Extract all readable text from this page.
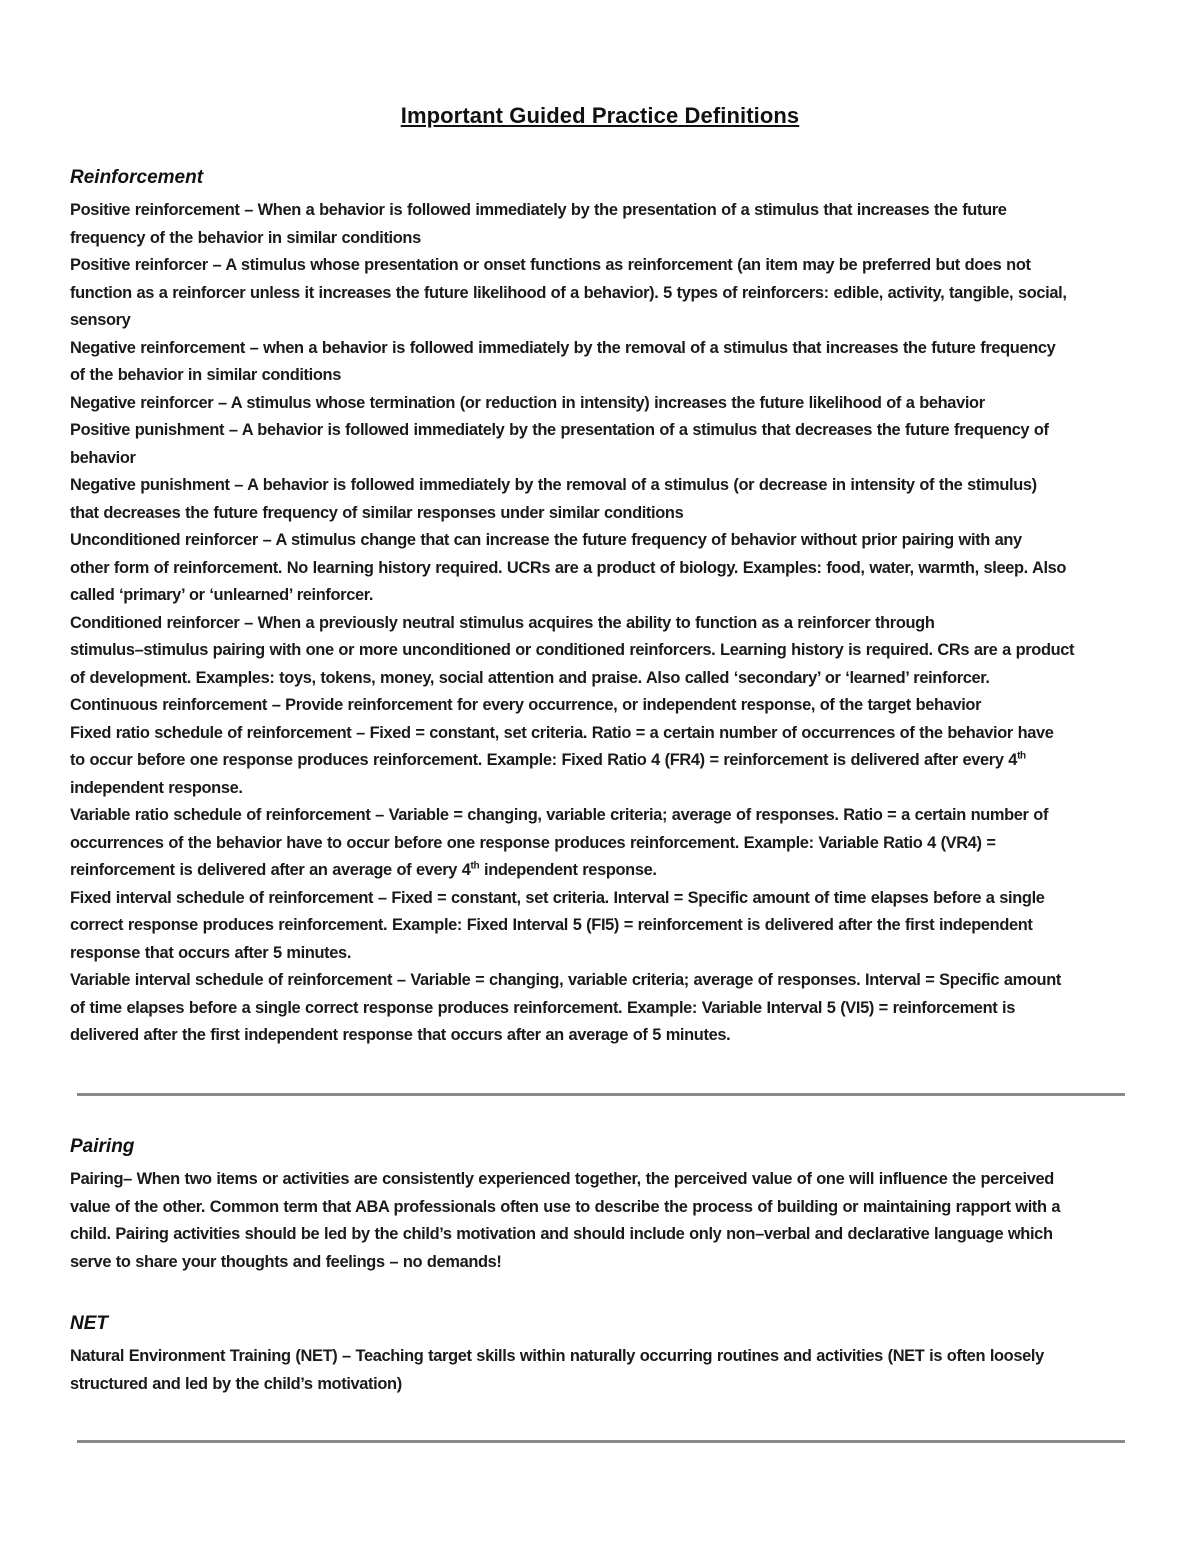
Important Guided Practice Definitions
Reinforcement
Positive reinforcement – When a behavior is followed immediately by the presentation of a stimulus that increases the future
frequency of the behavior in similar conditions
Positive reinforcer – A stimulus whose presentation or onset functions as reinforcement (an item may be preferred but does not
function as a reinforcer unless it increases the future likelihood of a behavior). 5 types of reinforcers: edible, activity, tangible, social,
sensory
Negative reinforcement – when a behavior is followed immediately by the removal of a stimulus that increases the future frequency
of the behavior in similar conditions
Negative reinforcer – A stimulus whose termination (or reduction in intensity) increases the future likelihood of a behavior
Positive punishment – A behavior is followed immediately by the presentation of a stimulus that decreases the future frequency of
behavior
Negative punishment – A behavior is followed immediately by the removal of a stimulus (or decrease in intensity of the stimulus)
that decreases the future frequency of similar responses under similar conditions
Unconditioned reinforcer – A stimulus change that can increase the future frequency of behavior without prior pairing with any
other form of reinforcement. No learning history required. UCRs are a product of biology. Examples: food, water, warmth, sleep. Also
called ‘primary’ or ‘unlearned’ reinforcer.
Conditioned reinforcer – When a previously neutral stimulus acquires the ability to function as a reinforcer through
stimulus–stimulus pairing with one or more unconditioned or conditioned reinforcers. Learning history is required. CRs are a product
of development. Examples: toys, tokens, money, social attention and praise. Also called ‘secondary’ or ‘learned’ reinforcer.
Continuous reinforcement – Provide reinforcement for every occurrence, or independent response, of the target behavior
Fixed ratio schedule of reinforcement – Fixed = constant, set criteria. Ratio = a certain number of occurrences of the behavior have
to occur before one response produces reinforcement. Example: Fixed Ratio 4 (FR4) = reinforcement is delivered after every 4th
independent response.
Variable ratio schedule of reinforcement – Variable = changing, variable criteria; average of responses. Ratio = a certain number of
occurrences of the behavior have to occur before one response produces reinforcement. Example: Variable Ratio 4 (VR4) =
reinforcement is delivered after an average of every 4th independent response.
Fixed interval schedule of reinforcement – Fixed = constant, set criteria. Interval = Specific amount of time elapses before a single
correct response produces reinforcement. Example: Fixed Interval 5 (FI5) = reinforcement is delivered after the first independent
response that occurs after 5 minutes.
Variable interval schedule of reinforcement – Variable = changing, variable criteria; average of responses. Interval = Specific amount
of time elapses before a single correct response produces reinforcement. Example: Variable Interval 5 (VI5) = reinforcement is
delivered after the first independent response that occurs after an average of 5 minutes.
Pairing
Pairing– When two items or activities are consistently experienced together, the perceived value of one will influence the perceived
value of the other. Common term that ABA professionals often use to describe the process of building or maintaining rapport with a
child. Pairing activities should be led by the child’s motivation and should include only non–verbal and declarative language which
serve to share your thoughts and feelings – no demands!
NET
Natural Environment Training (NET) – Teaching target skills within naturally occurring routines and activities (NET is often loosely
structured and led by the child’s motivation)
